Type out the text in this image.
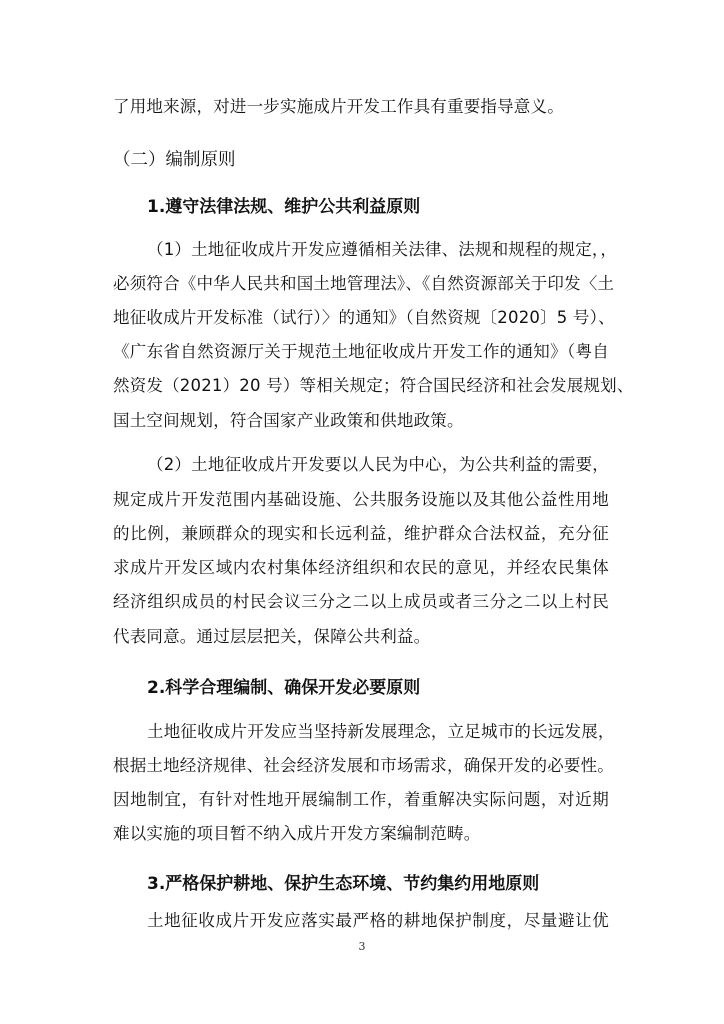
了用地来源，对进一步实施成片开发工作具有重要指导意义。
（二）编制原则
1.遵守法律法规、维护公共利益原则
（1）土地征收成片开发应遵循相关法律、法规和规程的规定，，
必须符合《中华人民共和国土地管理法》、《自然资源部关于印发〈土
地征收成片开发标准（试行）〉的通知》（自然资规〔2020〕5 号）、
《广东省自然资源厅关于规范土地征收成片开发工作的通知》（粤自
然资发（2021）20 号）等相关规定；符合国民经济和社会发展规划、
国土空间规划，符合国家产业政策和供地政策。
（2）土地征收成片开发要以人民为中心，为公共利益的需要，
规定成片开发范围内基础设施、公共服务设施以及其他公益性用地
的比例，兼顾群众的现实和长远利益，维护群众合法权益，充分征
求成片开发区域内农村集体经济组织和农民的意见，并经农民集体
经济组织成员的村民会议三分之二以上成员或者三分之二以上村民
代表同意。通过层层把关，保障公共利益。
2.科学合理编制、确保开发必要原则
土地征收成片开发应当坚持新发展理念，立足城市的长远发展，
根据土地经济规律、社会经济发展和市场需求，确保开发的必要性。
因地制宜，有针对性地开展编制工作，着重解决实际问题，对近期
难以实施的项目暂不纳入成片开发方案编制范畴。
3.严格保护耕地、保护生态环境、节约集约用地原则
土地征收成片开发应落实最严格的耕地保护制度，尽量避让优
3
